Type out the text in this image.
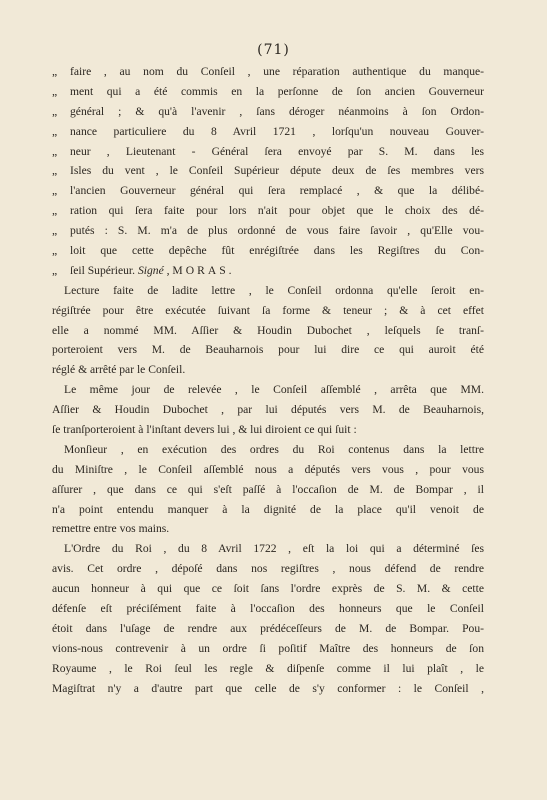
(71)
„ faire , au nom du Conſeil , une réparation authentique du manque-
„ ment qui a été commis en la perſonne de ſon ancien Gouverneur
„ général ; & qu'à l'avenir , ſans déroger néanmoins à ſon Ordon-
„ nance particuliere du 8 Avril 1721 , lorſqu'un nouveau Gouver-
„ neur , Lieutenant - Général ſera envoyé par S. M. dans les
„ Isles du vent , le Conſeil Supérieur députe deux de ſes membres vers
„ l'ancien Gouverneur général qui ſera remplacé , & que la délibé-
„ ration qui ſera faite pour lors n'ait pour objet que le choix des dé-
„ putés : S. M. m'a de plus ordonné de vous faire ſavoir , qu'Elle vou-
„ loit que cette depêche fût enrégiſtrée dans les Regiſtres du Con-
„ ſeil Supérieur. Signé , MORAS.
Lecture faite de ladite lettre , le Conſeil ordonna qu'elle ſeroit en-
régiſtrée pour être exécutée ſuivant ſa forme & teneur ; & à cet effet
elle a nommé MM. Aſſier & Houdin Dubochet , leſquels ſe tranſ-
porteroient vers M. de Beauharnois pour lui dire ce qui auroit été
réglé & arrêté par le Conſeil.
Le même jour de relevée , le Conſeil aſſemblé , arrêta que MM.
Aſſier & Houdin Dubochet , par lui députés vers M. de Beauharnois,
ſe tranſporteroient à l'inſtant devers lui , & lui diroient ce qui ſuit :
Monſieur , en exécution des ordres du Roi contenus dans la lettre
du Miniſtre , le Conſeil aſſemblé nous a députés vers vous , pour vous
aſſurer , que dans ce qui s'eſt paſſé à l'occaſion de M. de Bompar , il
n'a point entendu manquer à la dignité de la place qu'il venoit de
remettre entre vos mains.
L'Ordre du Roi , du 8 Avril 1722 , eſt la loi qui a déterminé ſes
avis. Cet ordre , dépoſé dans nos regiſtres , nous défend de rendre
aucun honneur à qui que ce ſoit ſans l'ordre exprès de S. M. & cette
défenſe eſt préciſément faite à l'occaſion des honneurs que le Conſeil
étoit dans l'uſage de rendre aux prédéceſſeurs de M. de Bompar. Pou-
vions-nous contrevenir à un ordre ſi poſitif Maître des honneurs de ſon
Royaume , le Roi ſeul les regle & diſpenſe comme il lui plaît , le
Magiſtrat n'y a d'autre part que celle de s'y conformer : le Conſeil ,
